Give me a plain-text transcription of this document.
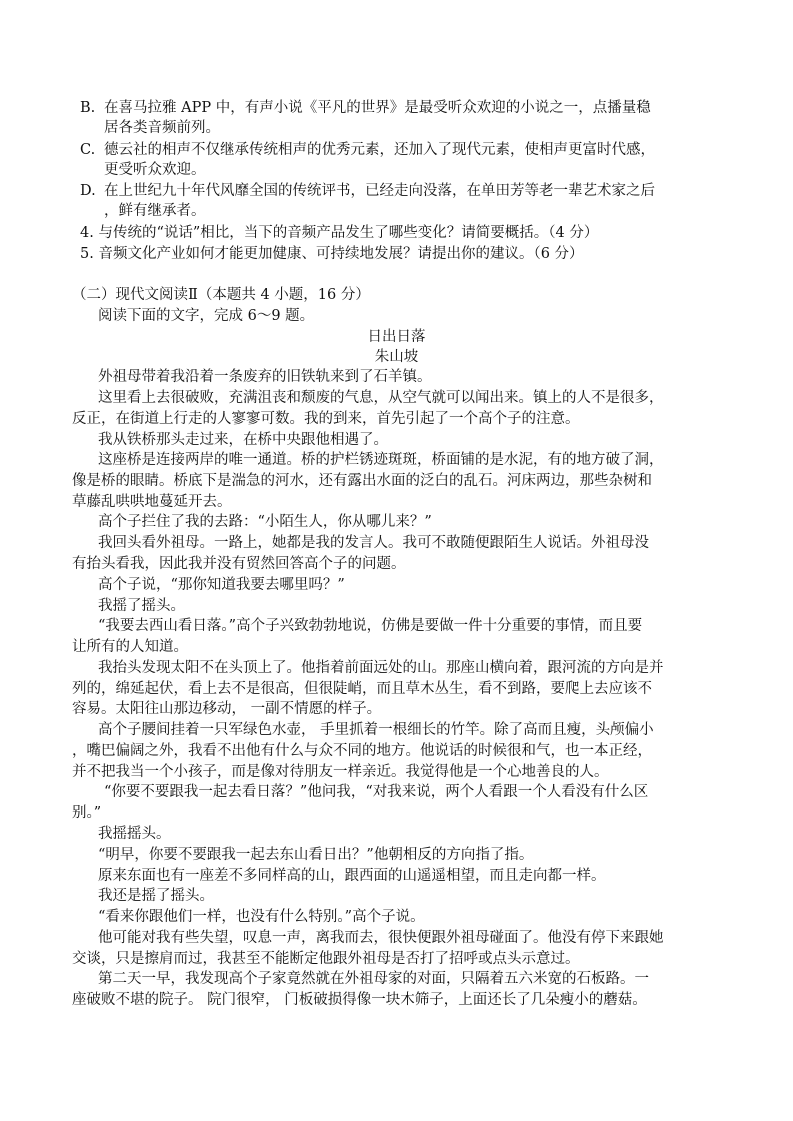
B. 在喜马拉雅 APP 中，有声小说《平凡的世界》是最受听众欢迎的小说之一，点播量稳
居各类音频前列。
C. 德云社的相声不仅继承传统相声的优秀元素，还加入了现代元素，使相声更富时代感，
更受听众欢迎。
D. 在上世纪九十年代风靡全国的传统评书，已经走向没落，在单田芳等老一辈艺术家之后
，鲜有继承者。
4. 与传统的“说话”相比，当下的音频产品发生了哪些变化？请简要概括。（4 分）
5. 音频文化产业如何才能更加健康、可持续地发展？请提出你的建议。（6 分）
（二）现代文阅读Ⅱ（本题共 4 小题，16 分）
阅读下面的文字，完成 6～9 题。
日出日落
朱山坡
外祖母带着我沿着一条废弃的旧铁轨来到了石羊镇。
这里看上去很破败，充满沮丧和颓废的气息，从空气就可以闻出来。镇上的人不是很多，
反正，在街道上行走的人寥寥可数。我的到来，首先引起了一个高个子的注意。
我从铁桥那头走过来，在桥中央跟他相遇了。
这座桥是连接两岸的唯一通道。桥的护栏锈迹斑斑，桥面铺的是水泥，有的地方破了洞，
像是桥的眼睛。桥底下是湍急的河水，还有露出水面的泛白的乱石。河床两边，那些杂树和
草藤乱哄哄地蔓延开去。
高个子拦住了我的去路：“小陌生人，你从哪儿来？”
我回头看外祖母。一路上，她都是我的发言人。我可不敢随便跟陌生人说话。外祖母没
有抬头看我，因此我并没有贸然回答高个子的问题。
高个子说，“那你知道我要去哪里吗？”
我摇了摇头。
“我要去西山看日落。”高个子兴致勃勃地说，仿佛是要做一件十分重要的事情，而且要
让所有的人知道。
我抬头发现太阳不在头顶上了。他指着前面远处的山。那座山横向着，跟河流的方向是并
列的，绵延起伏，看上去不是很高，但很陡峭，而且草木丛生，看不到路，要爬上去应该不
容易。太阳往山那边移动， 一副不情愿的样子。
高个子腰间挂着一只军绿色水壶， 手里抓着一根细长的竹竿。除了高而且瘦，头颅偏小
，嘴巴偏阔之外，我看不出他有什么与众不同的地方。他说话的时候很和气，也一本正经，
并不把我当一个小孩子，而是像对待朋友一样亲近。我觉得他是一个心地善良的人。
“你要不要跟我一起去看日落？”他问我，“对我来说，两个人看跟一个人看没有什么区
别。”
我摇摇头。
“明早，你要不要跟我一起去东山看日出？”他朝相反的方向指了指。
原来东面也有一座差不多同样高的山，跟西面的山遥遥相望，而且走向都一样。
我还是摇了摇头。
“看来你跟他们一样，也没有什么特别。”高个子说。
他可能对我有些失望，叹息一声，离我而去，很快便跟外祖母碰面了。他没有停下来跟她
交谈，只是擦肩而过，我甚至不能断定他跟外祖母是否打了招呼或点头示意过。
第二天一早，我发现高个子家竟然就在外祖母家的对面，只隔着五六米宽的石板路。一
座破败不堪的院子。 院门很窄， 门板破损得像一块木筛子，上面还长了几朵瘦小的蘑菇。
